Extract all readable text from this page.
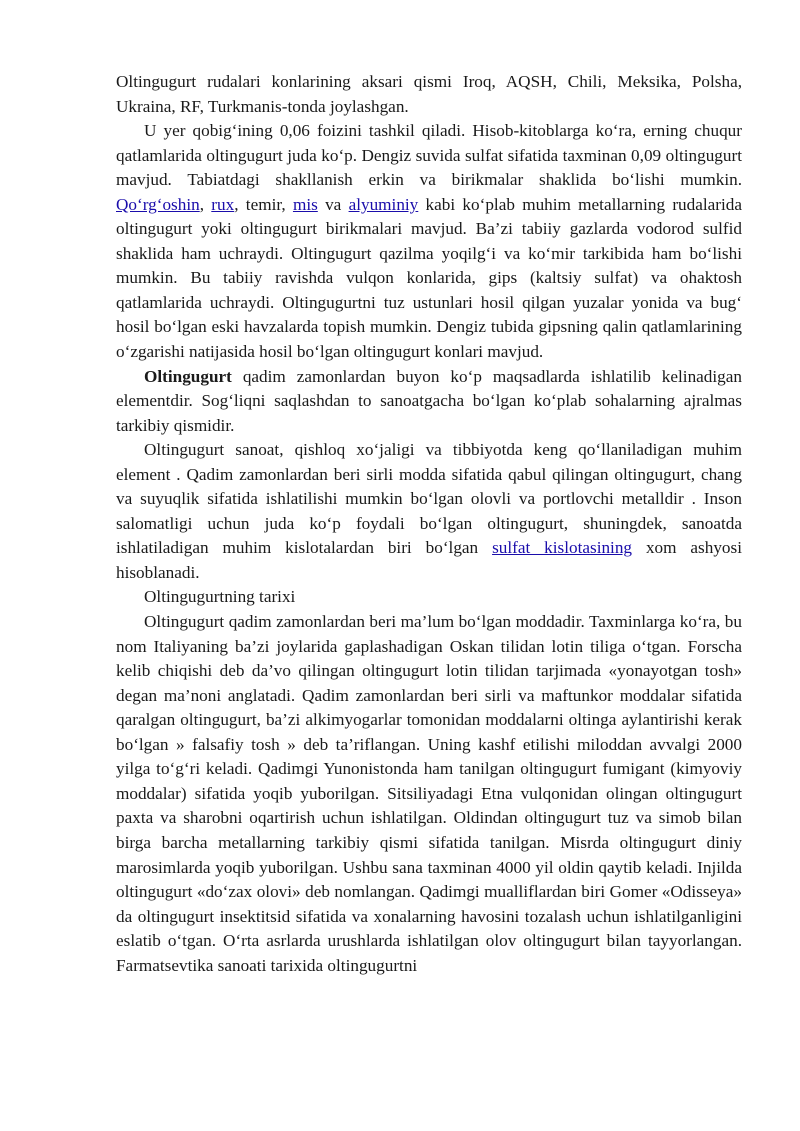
Oltingugurt rudalari konlarining aksari qismi Iroq, AQSH, Chili, Meksika, Polsha, Ukraina, RF, Turkmanis-tonda joylashgan.

U yer qobig‘ining 0,06 foizini tashkil qiladi. Hisob-kitoblarga ko‘ra, erning chuqur qatlamlarida oltingugurt juda ko‘p. Dengiz suvida sulfat sifatida taxminan 0,09 oltingugurt mavjud. Tabiatdagi shakllanish erkin va birikmalar shaklida bo‘lishi mumkin. Qo‘rg‘oshin, rux, temir, mis va alyuminiy kabi ko‘plab muhim metallarning rudalarida oltingugurt yoki oltingugurt birikmalari mavjud. Ba’zi tabiiy gazlarda vodorod sulfid shaklida ham uchraydi. Oltingugurt qazilma yoqilg‘i va ko‘mir tarkibida ham bo‘lishi mumkin. Bu tabiiy ravishda vulqon konlarida, gips (kaltsiy sulfat) va ohaktosh qatlamlarida uchraydi. Oltingugurtni tuz ustunlari hosil qilgan yuzalar yonida va bug‘ hosil bo‘lgan eski havzalarda topish mumkin. Dengiz tubida gipsning qalin qatlamlarining o‘zgarishi natijasida hosil bo‘lgan oltingugurt konlari mavjud.

Oltingugurt qadim zamonlardan buyon ko‘p maqsadlarda ishlatilib kelinadigan elementdir. Sog‘liqni saqlashdan to sanoatgacha bo‘lgan ko‘plab sohalarning ajralmas tarkibiy qismidir.

Oltingugurt sanoat, qishloq xo‘jaligi va tibbiyotda keng qo‘llaniladigan muhim element . Qadim zamonlardan beri sirli modda sifatida qabul qilingan oltingugurt, chang va suyuqlik sifatida ishlatilishi mumkin bo‘lgan olovli va portlovchi metalldir . Inson salomatligi uchun juda ko‘p foydali bo‘lgan oltingugurt, shuningdek, sanoatda ishlatiladigan muhim kislotalardan biri bo‘lgan sulfat kislotasining xom ashyosi hisoblanadi.

Oltingugurtning tarixi

Oltingugurt qadim zamonlardan beri ma’lum bo‘lgan moddadir. Taxminlarga ko‘ra, bu nom Italiyaning ba’zi joylarida gaplashadigan Oskan tilidan lotin tiliga o‘tgan. Forscha kelib chiqishi deb da’vo qilingan oltingugurt lotin tilidan tarjimada «yonayotgan tosh» degan ma’noni anglatadi. Qadim zamonlardan beri sirli va maftunkor moddalar sifatida qaralgan oltingugurt, ba’zi alkimyogarlar tomonidan moddalarni oltinga aylantirishi kerak bo‘lgan » falsafiy tosh » deb ta’riflangan. Uning kashf etilishi miloddan avvalgi 2000 yilga to‘g‘ri keladi. Qadimgi Yunonistonda ham tanilgan oltingugurt fumigant (kimyoviy moddalar) sifatida yoqib yuborilgan. Sitsiliyadagi Etna vulqonidan olingan oltingugurt paxta va sharobni oqartirish uchun ishlatilgan. Oldindan oltingugurt tuz va simob bilan birga barcha metallarning tarkibiy qismi sifatida tanilgan. Misrda oltingugurt diniy marosimlarda yoqib yuborilgan. Ushbu sana taxminan 4000 yil oldin qaytib keladi. Injilda oltingugurt «do‘zax olovi» deb nomlangan. Qadimgi mualliflardan biri Gomer «Odisseya» da oltingugurt insektitsid sifatida va xonalarning havosini tozalash uchun ishlatilganligini eslatib o‘tgan. O‘rta asrlarda urushlarda ishlatilgan olov oltingugurt bilan tayyorlangan. Farmatsevtika sanoati tarixida oltingugurtni
